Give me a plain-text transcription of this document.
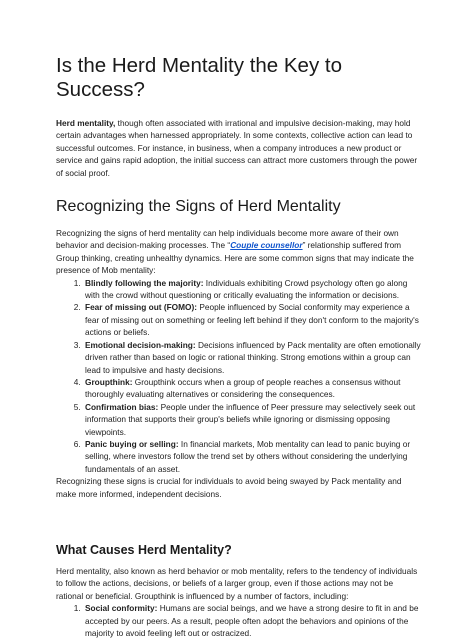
Is the Herd Mentality the Key to Success?

Herd mentality, though often associated with irrational and impulsive decision-making, may hold certain advantages when harnessed appropriately. In some contexts, collective action can lead to successful outcomes. For instance, in business, when a company introduces a new product or service and gains rapid adoption, the initial success can attract more customers through the power of social proof.

Recognizing the Signs of Herd Mentality

Recognizing the signs of herd mentality can help individuals become more aware of their own behavior and decision-making processes. The “Couple counsellor” relationship suffered from Group thinking, creating unhealthy dynamics. Here are some common signs that may indicate the presence of Mob mentality:

1. Blindly following the majority: Individuals exhibiting Crowd psychology often go along with the crowd without questioning or critically evaluating the information or decisions.
2. Fear of missing out (FOMO): People influenced by Social conformity may experience a fear of missing out on something or feeling left behind if they don't conform to the majority's actions or beliefs.
3. Emotional decision-making: Decisions influenced by Pack mentality are often emotionally driven rather than based on logic or rational thinking. Strong emotions within a group can lead to impulsive and hasty decisions.
4. Groupthink: Groupthink occurs when a group of people reaches a consensus without thoroughly evaluating alternatives or considering the consequences.
5. Confirmation bias: People under the influence of Peer pressure may selectively seek out information that supports their group's beliefs while ignoring or dismissing opposing viewpoints.
6. Panic buying or selling: In financial markets, Mob mentality can lead to panic buying or selling, where investors follow the trend set by others without considering the underlying fundamentals of an asset.

Recognizing these signs is crucial for individuals to avoid being swayed by Pack mentality and make more informed, independent decisions.

What Causes Herd Mentality?

Herd mentality, also known as herd behavior or mob mentality, refers to the tendency of individuals to follow the actions, decisions, or beliefs of a larger group, even if those actions may not be rational or beneficial. Groupthink is influenced by a number of factors, including:

1. Social conformity: Humans are social beings, and we have a strong desire to fit in and be accepted by our peers. As a result, people often adopt the behaviors and opinions of the majority to avoid feeling left out or ostracized.
